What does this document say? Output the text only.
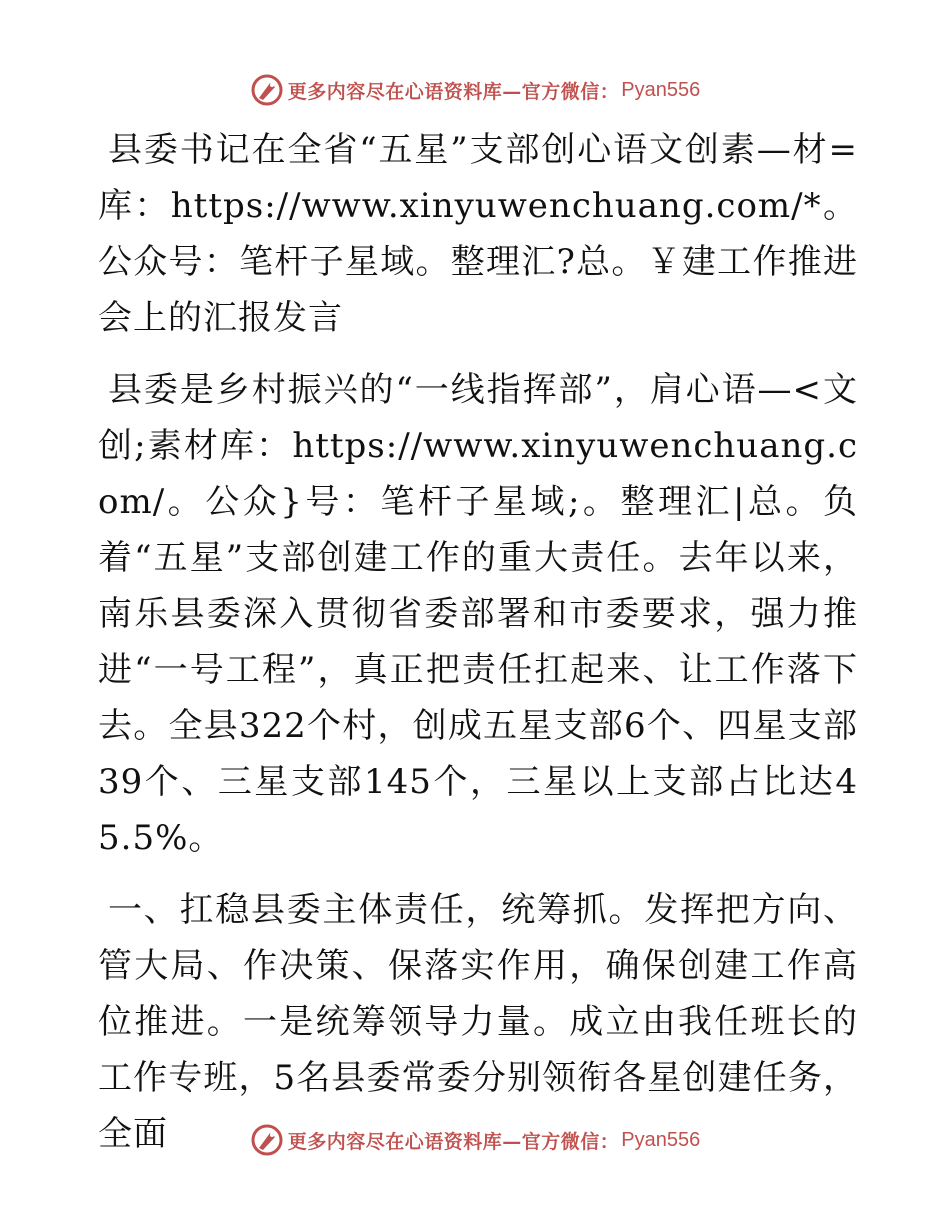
更多内容尽在心语资料库—官方微信： Pyan556

县委书记在全省“五星”支部创心语文创素—材=库：https://www.xinyuwenchuang.com/*。公众号：笔杆子星域。整理汇?总。￥建工作推进会上的汇报发言

县委是乡村振兴的“一线指挥部”，肩心语—<文创;素材库：https://www.xinyuwenchuang.com/。公众}号：笔杆子星域;。整理汇|总。负着“五星”支部创建工作的重大责任。去年以来，南乐县委深入贯彻省委部署和市委要求，强力推进“一号工程”，真正把责任扛起来、让工作落下去。全县322个村，创成五星支部6个、四星支部39个、三星支部145个，三星以上支部占比达45.5%。

一、扛稳县委主体责任，统筹抓。发挥把方向、管大局、作决策、保落实作用，确保创建工作高位推进。一是统筹领导力量。成立由我任班长的工作专班，5名县委常委分别领衔各星创建任务，全面	更多内容尽在心语资料库—官方微信： Pyan556
